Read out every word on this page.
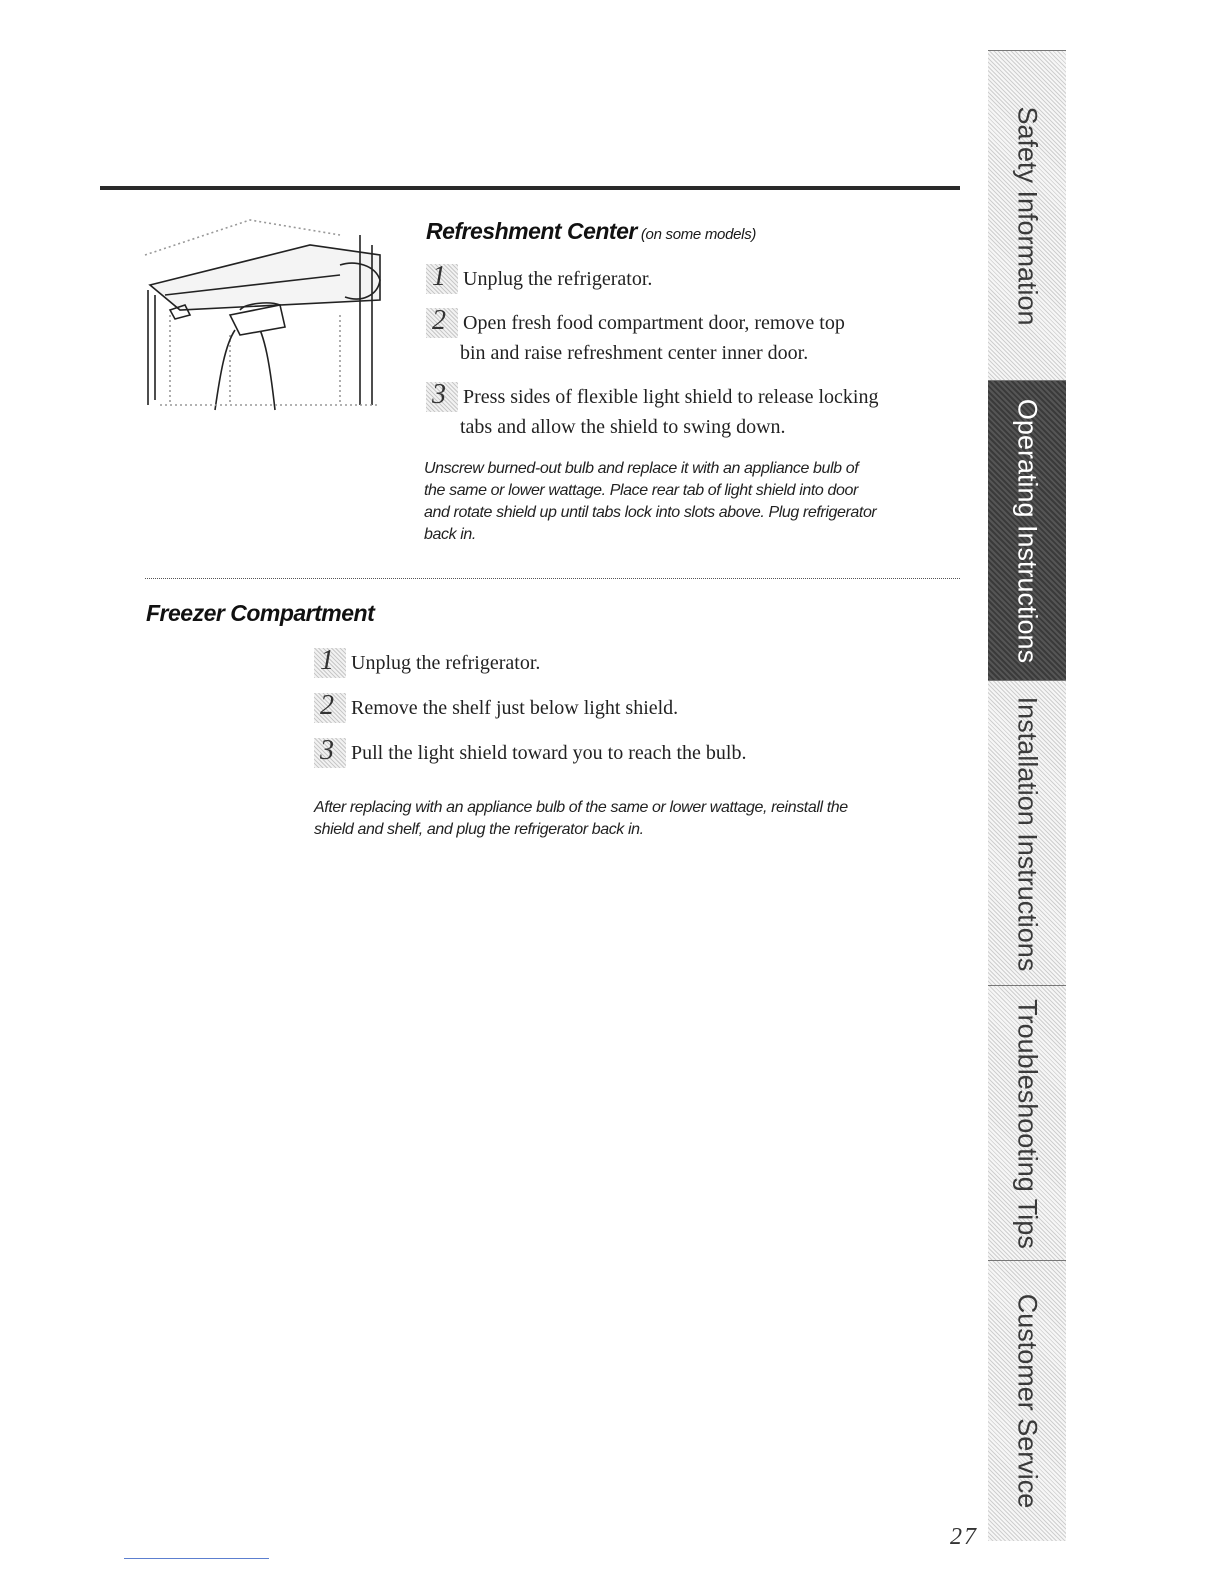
Refreshment Center (on some models)
1 Unplug the refrigerator.
2 Open fresh food compartment door, remove top
bin and raise refreshment center inner door.
3 Press sides of flexible light shield to release locking
tabs and allow the shield to swing down.
Unscrew burned-out bulb and replace it with an appliance bulb of
the same or lower wattage. Place rear tab of light shield into door
and rotate shield up until tabs lock into slots above. Plug refrigerator
back in.
Freezer Compartment
1 Unplug the refrigerator.
2 Remove the shelf just below light shield.
3 Pull the light shield toward you to reach the bulb.
After replacing with an appliance bulb of the same or lower wattage, reinstall the
shield and shelf, and plug the refrigerator back in.
Safety Information
Operating Instructions
Installation Instructions
Troubleshooting Tips
Customer Service
27
